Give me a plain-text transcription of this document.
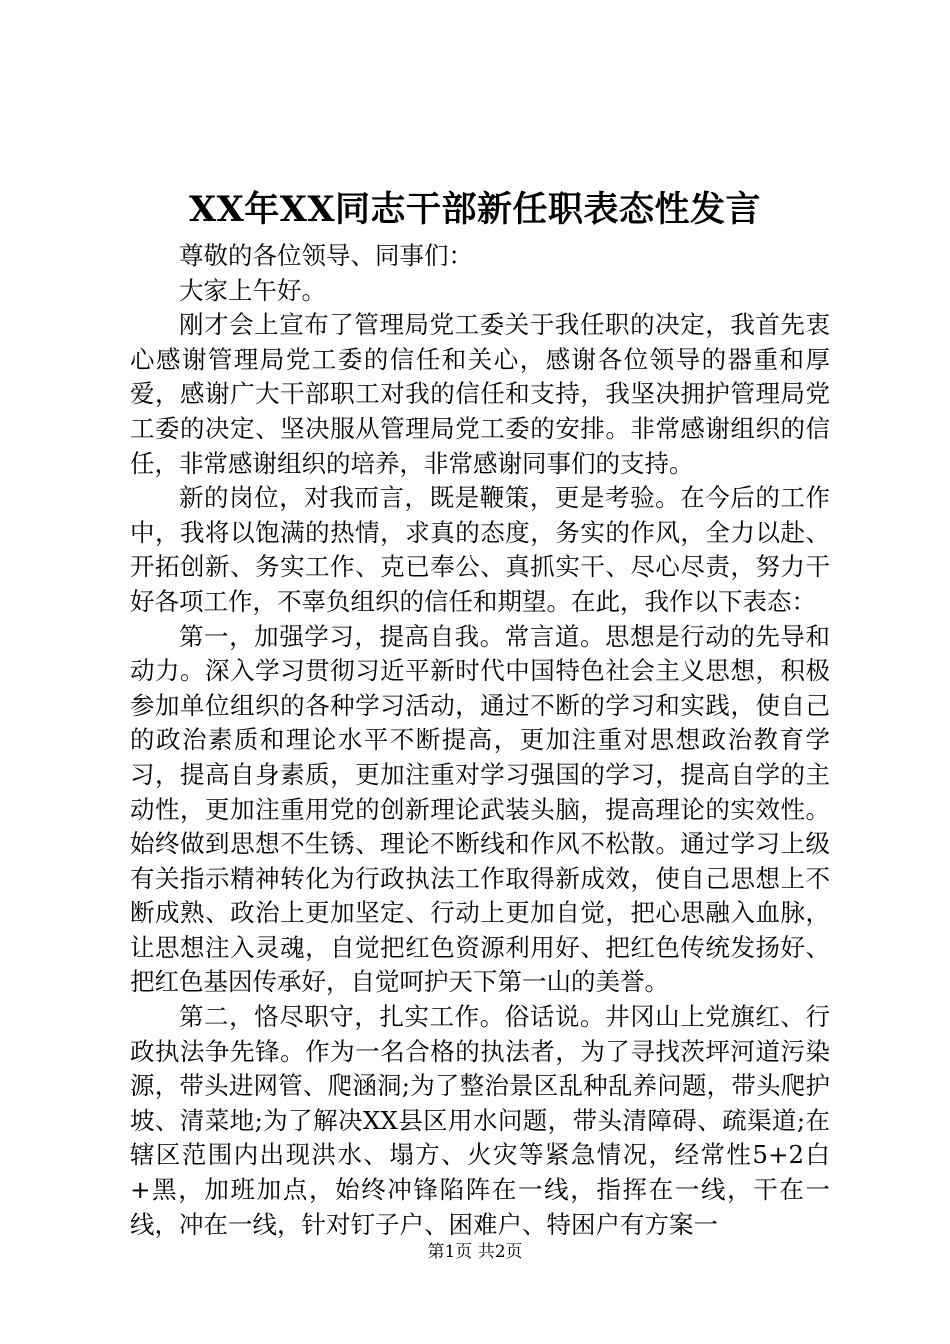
XX年XX同志干部新任职表态性发言

尊敬的各位领导、同事们：

大家上午好。

刚才会上宣布了管理局党工委关于我任职的决定，我首先衷心感谢管理局党工委的信任和关心，感谢各位领导的器重和厚爱，感谢广大干部职工对我的信任和支持，我坚决拥护管理局党工委的决定、坚决服从管理局党工委的安排。非常感谢组织的信任，非常感谢组织的培养，非常感谢同事们的支持。

新的岗位，对我而言，既是鞭策，更是考验。在今后的工作中，我将以饱满的热情，求真的态度，务实的作风，全力以赴、开拓创新、务实工作、克已奉公、真抓实干、尽心尽责，努力干好各项工作，不辜负组织的信任和期望。在此，我作以下表态：

第一，加强学习，提高自我。常言道。思想是行动的先导和动力。深入学习贯彻习近平新时代中国特色社会主义思想，积极参加单位组织的各种学习活动，通过不断的学习和实践，使自己的政治素质和理论水平不断提高，更加注重对思想政治教育学习，提高自身素质，更加注重对学习强国的学习，提高自学的主动性，更加注重用党的创新理论武装头脑，提高理论的实效性。始终做到思想不生锈、理论不断线和作风不松散。通过学习上级有关指示精神转化为行政执法工作取得新成效，使自己思想上不断成熟、政治上更加坚定、行动上更加自觉，把心思融入血脉，让思想注入灵魂，自觉把红色资源利用好、把红色传统发扬好、把红色基因传承好，自觉呵护天下第一山的美誉。

第二，恪尽职守，扎实工作。俗话说。井冈山上党旗红、行政执法争先锋。作为一名合格的执法者，为了寻找茨坪河道污染源，带头进网管、爬涵洞;为了整治景区乱种乱养问题，带头爬护坡、清菜地;为了解决XX县区用水问题，带头清障碍、疏渠道;在辖区范围内出现洪水、塌方、火灾等紧急情况，经常性5+2白+黑，加班加点，始终冲锋陷阵在一线，指挥在一线，干在一线，冲在一线，针对钉子户、困难户、特困户有方案一

第1页 共2页
